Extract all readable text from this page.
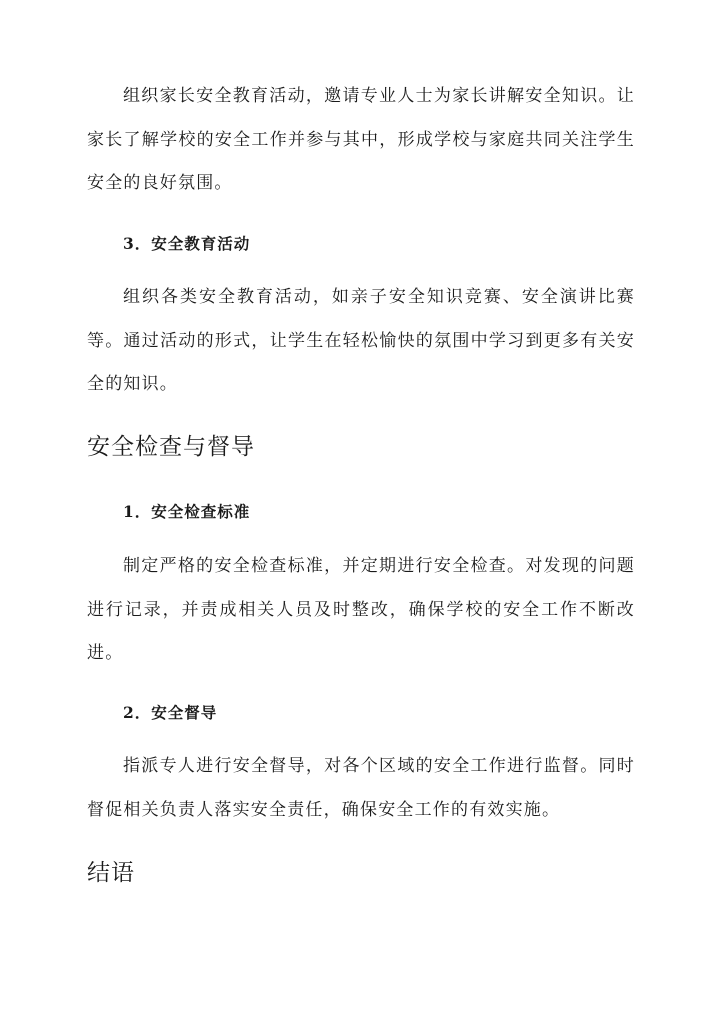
组织家长安全教育活动，邀请专业人士为家长讲解安全知识。让家长了解学校的安全工作并参与其中，形成学校与家庭共同关注学生安全的良好氛围。

3．安全教育活动

组织各类安全教育活动，如亲子安全知识竞赛、安全演讲比赛等。通过活动的形式，让学生在轻松愉快的氛围中学习到更多有关安全的知识。

安全检查与督导

1．安全检查标准

制定严格的安全检查标准，并定期进行安全检查。对发现的问题进行记录，并责成相关人员及时整改，确保学校的安全工作不断改进。

2．安全督导

指派专人进行安全督导，对各个区域的安全工作进行监督。同时督促相关负责人落实安全责任，确保安全工作的有效实施。

结语
